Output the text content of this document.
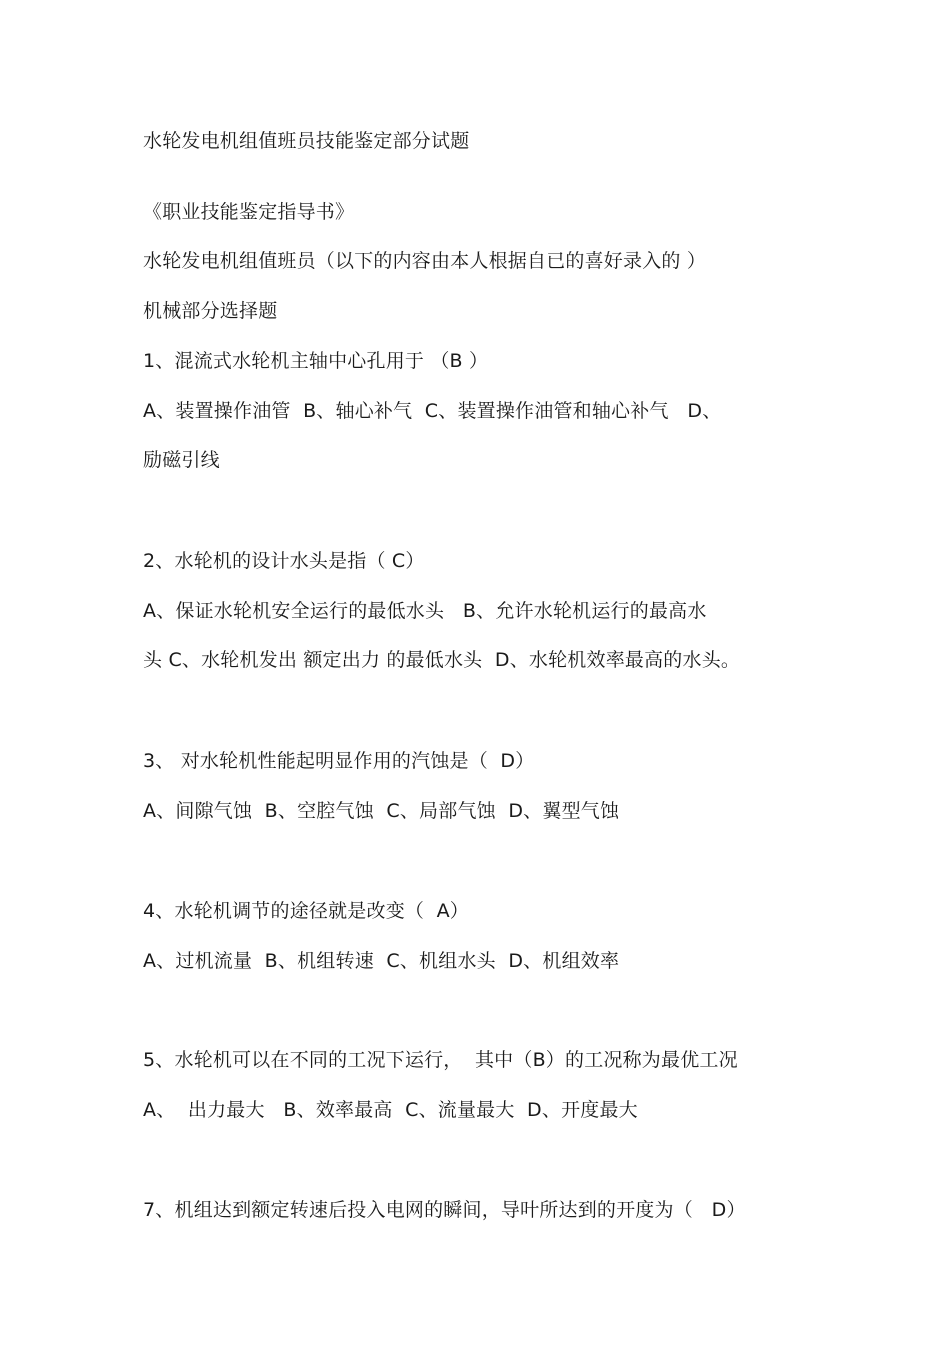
水轮发电机组值班员技能鉴定部分试题
《职业技能鉴定指导书》
水轮发电机组值班员（以下的内容由本人根据自已的喜好录入的 ）
机械部分选择题
1、混流式水轮机主轴中心孔用于 （B ）
A、装置操作油管  B、轴心补气  C、装置操作油管和轴心补气   D、
励磁引线
2、水轮机的设计水头是指（ C）
A、保证水轮机安全运行的最低水头   B、允许水轮机运行的最高水
头 C、水轮机发出 额定出力 的最低水头  D、水轮机效率最高的水头。
3、 对水轮机性能起明显作用的汽蚀是（  D）
A、间隙气蚀  B、空腔气蚀  C、局部气蚀  D、翼型气蚀
4、水轮机调节的途径就是改变（  A）
A、过机流量  B、机组转速  C、机组水头  D、机组效率
5、水轮机可以在不同的工况下运行，  其中（B）的工况称为最优工况
A、  出力最大   B、效率最高  C、流量最大  D、开度最大
7、机组达到额定转速后投入电网的瞬间，导叶所达到的开度为（   D）
